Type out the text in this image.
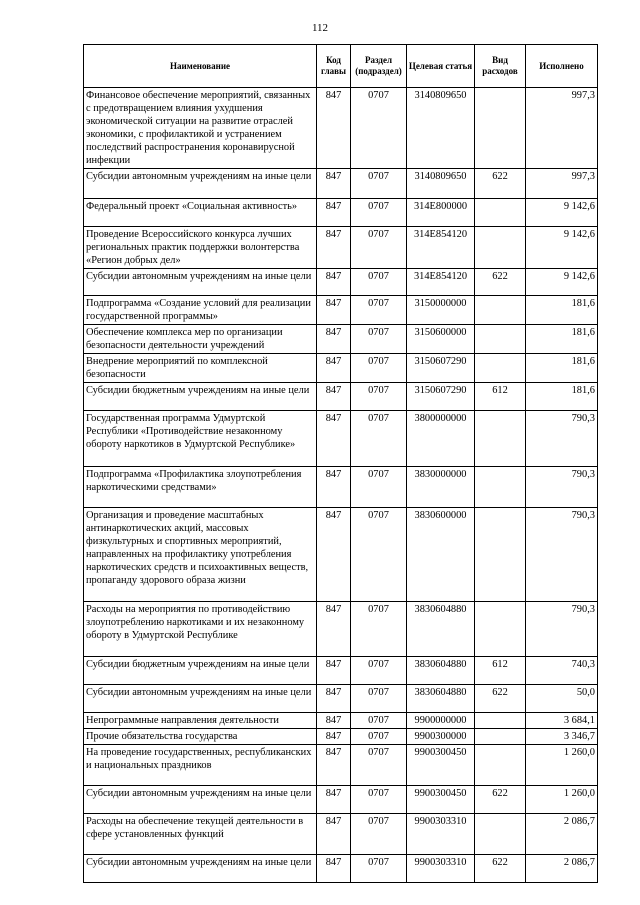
112
Наименование	Код главы	Раздел (подраздел)	Целевая статья	Вид расходов	Исполнено
Финансовое обеспечение мероприятий, связанных с предотвращением влияния ухудшения экономической ситуации на развитие отраслей экономики, с профилактикой и устранением последствий распространения коронавирусной инфекции	847	0707	3140809650		997,3
Субсидии автономным учреждениям на иные цели	847	0707	3140809650	622	997,3
Федеральный проект «Социальная активность»	847	0707	314E800000		9 142,6
Проведение Всероссийского конкурса лучших региональных практик поддержки волонтерства «Регион добрых дел»	847	0707	314E854120		9 142,6
Субсидии автономным учреждениям на иные цели	847	0707	314E854120	622	9 142,6
Подпрограмма «Создание условий для реализации государственной программы»	847	0707	3150000000		181,6
Обеспечение комплекса мер по организации безопасности деятельности учреждений	847	0707	3150600000		181,6
Внедрение мероприятий по комплексной безопасности	847	0707	3150607290		181,6
Субсидии бюджетным учреждениям на иные цели	847	0707	3150607290	612	181,6
Государственная программа Удмуртской Республики «Противодействие незаконному обороту наркотиков в Удмуртской Республике»	847	0707	3800000000		790,3
Подпрограмма «Профилактика злоупотребления наркотическими средствами»	847	0707	3830000000		790,3
Организация и проведение масштабных антинаркотических акций, массовых физкультурных и спортивных мероприятий, направленных на профилактику употребления наркотических средств и психоактивных веществ, пропаганду здорового образа жизни	847	0707	3830600000		790,3
Расходы на мероприятия по противодействию злоупотреблению наркотиками и их незаконному обороту в Удмуртской Республике	847	0707	3830604880		790,3
Субсидии бюджетным учреждениям на иные цели	847	0707	3830604880	612	740,3
Субсидии автономным учреждениям на иные цели	847	0707	3830604880	622	50,0
Непрограммные направления деятельности	847	0707	9900000000		3 684,1
Прочие обязательства государства	847	0707	9900300000		3 346,7
На проведение государственных, республиканских и национальных праздников	847	0707	9900300450		1 260,0
Субсидии автономным учреждениям на иные цели	847	0707	9900300450	622	1 260,0
Расходы на обеспечение текущей деятельности в сфере установленных функций	847	0707	9900303310		2 086,7
Субсидии автономным учреждениям на иные цели	847	0707	9900303310	622	2 086,7
